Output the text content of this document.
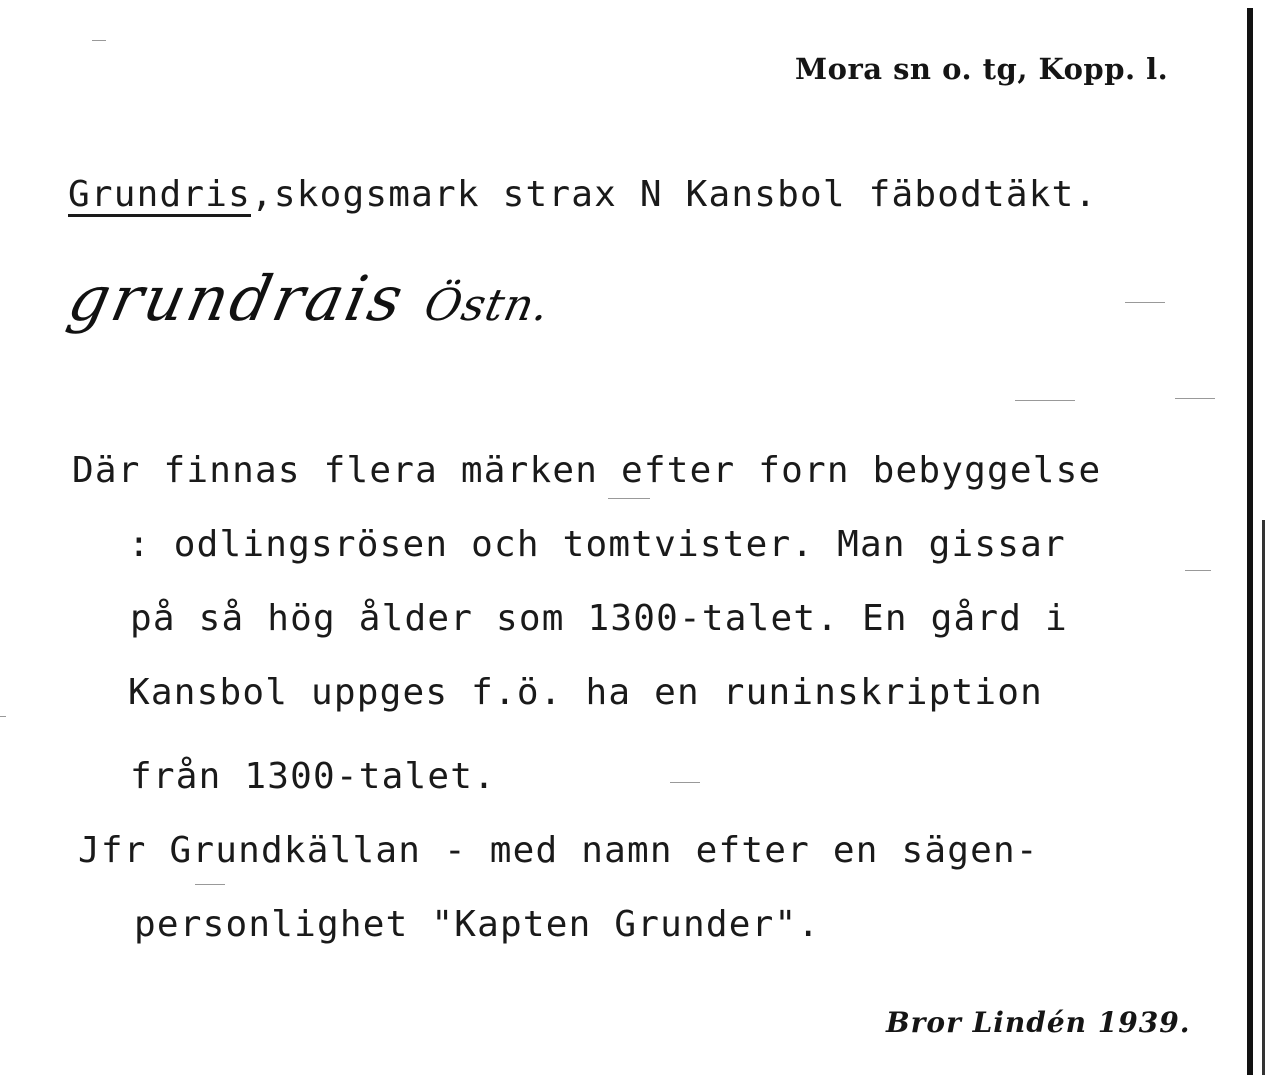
Mora sn o. tg, Kopp. l.
Grundris,skogsmark strax N Kansbol fäbodtäkt.
grundrais Östn.
Där finnas flera märken efter forn bebyggelse
: odlingsrösen och tomtvister. Man gissar
på så hög ålder som 1300-talet. En gård i
Kansbol uppges f.ö. ha en runinskription
från 1300-talet.
Jfr Grundkällan - med namn efter en sägen-
personlighet "Kapten Grunder".
Bror Lindén 1939.
